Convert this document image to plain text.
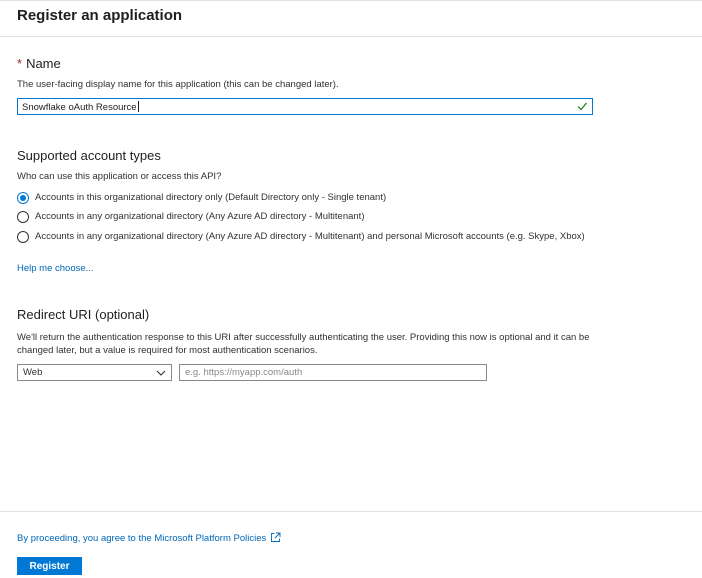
Register an application
* Name
The user-facing display name for this application (this can be changed later).
Snowflake oAuth Resource
Supported account types
Who can use this application or access this API?
Accounts in this organizational directory only (Default Directory only - Single tenant)
Accounts in any organizational directory (Any Azure AD directory - Multitenant)
Accounts in any organizational directory (Any Azure AD directory - Multitenant) and personal Microsoft accounts (e.g. Skype, Xbox)
Help me choose...
Redirect URI (optional)
We'll return the authentication response to this URI after successfully authenticating the user. Providing this now is optional and it can be
changed later, but a value is required for most authentication scenarios.
Web
e.g. https://myapp.com/auth
By proceeding, you agree to the Microsoft Platform Policies
Register
